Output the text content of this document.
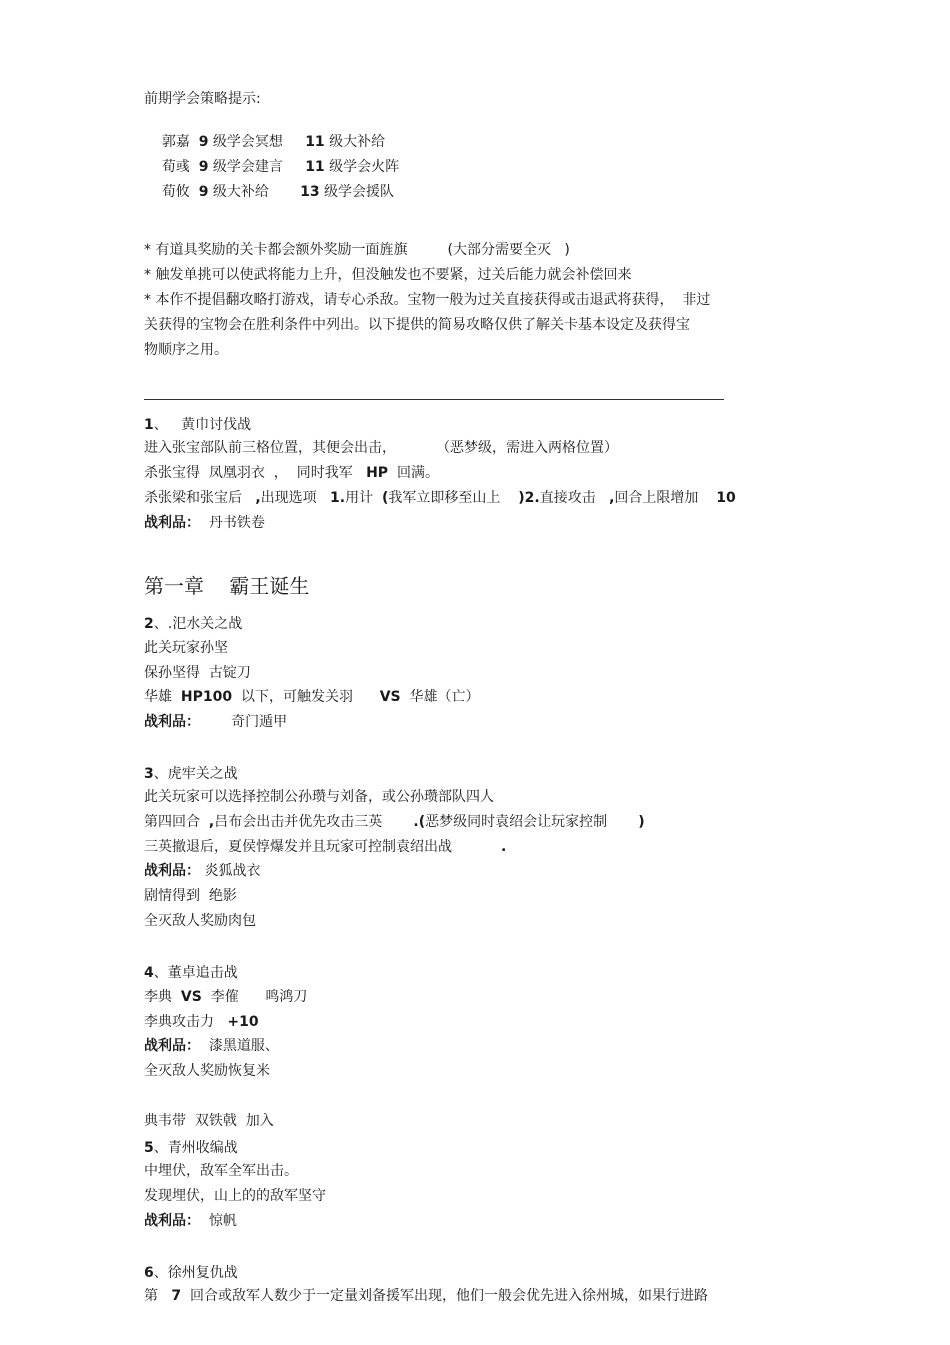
前期学会策略提示:

郭嘉 9 级学会冥想 11 级大补给

荀彧 9 级学会建言 11 级学会火阵

荀攸 9 级大补给 13 级学会援队

* 有道具奖励的关卡都会额外奖励一面旌旗	(大部分需要全灭   )
* 触发单挑可以使武将能力上升，但没触发也不要紧，过关后能力就会补偿回来
* 本作不提倡翻攻略打游戏，请专心杀敌。宝物一般为过关直接获得或击退武将获得，  非过
关获得的宝物会在胜利条件中列出。以下提供的简易攻略仅供了解关卡基本设定及获得宝
物顺序之用。
1、   黄巾讨伐战
进入张宝部队前三格位置，其便会出击，	（恶梦级，需进入两格位置）
杀张宝得  凤凰羽衣  ，  同时我军   HP  回满。
杀张梁和张宝后   ,出现选项   1.用计  (我军立即移至山上    )2.直接攻击   ,回合上限增加    10
战利品： 丹书铁卷
第一章    霸王诞生
2、.汜水关之战
此关玩家孙坚
保孙坚得  古锭刀
华雄  HP100  以下，可触发关羽      VS  华雄（亡）
战利品： 奇门遁甲
3、虎牢关之战
此关玩家可以选择控制公孙瓒与刘备，或公孙瓒部队四人
第四回合  ,吕布会出击并优先攻击三英       .(恶梦级同时袁绍会让玩家控制       )
三英撤退后，夏侯惇爆发并且玩家可控制袁绍出战	.
战利品： 炎狐战衣
剧情得到  绝影
全灭敌人奖励肉包
4、董卓追击战
李典  VS  李傕      鸣鸿刀
李典攻击力   +10
战利品： 漆黑道服、
全灭敌人奖励恢复米
典韦带  双铁戟  加入
5、青州收编战
中埋伏，敌军全军出击。
发现埋伏，山上的的敌军坚守
战利品： 惊帆
6、徐州复仇战
第   7  回合或敌军人数少于一定量刘备援军出现，他们一般会优先进入徐州城，如果行进路
